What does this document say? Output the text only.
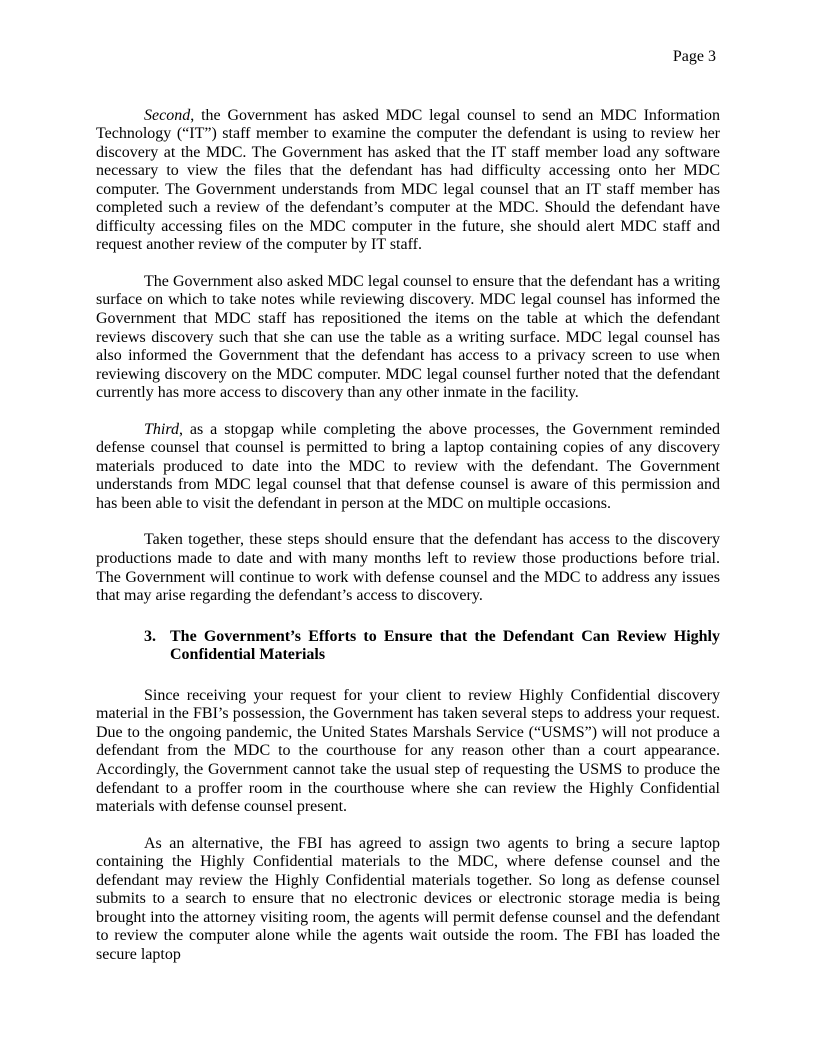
Page 3

Second, the Government has asked MDC legal counsel to send an MDC Information Technology (“IT”) staff member to examine the computer the defendant is using to review her discovery at the MDC. The Government has asked that the IT staff member load any software necessary to view the files that the defendant has had difficulty accessing onto her MDC computer. The Government understands from MDC legal counsel that an IT staff member has completed such a review of the defendant’s computer at the MDC. Should the defendant have difficulty accessing files on the MDC computer in the future, she should alert MDC staff and request another review of the computer by IT staff.

The Government also asked MDC legal counsel to ensure that the defendant has a writing surface on which to take notes while reviewing discovery. MDC legal counsel has informed the Government that MDC staff has repositioned the items on the table at which the defendant reviews discovery such that she can use the table as a writing surface. MDC legal counsel has also informed the Government that the defendant has access to a privacy screen to use when reviewing discovery on the MDC computer. MDC legal counsel further noted that the defendant currently has more access to discovery than any other inmate in the facility.

Third, as a stopgap while completing the above processes, the Government reminded defense counsel that counsel is permitted to bring a laptop containing copies of any discovery materials produced to date into the MDC to review with the defendant. The Government understands from MDC legal counsel that that defense counsel is aware of this permission and has been able to visit the defendant in person at the MDC on multiple occasions.

Taken together, these steps should ensure that the defendant has access to the discovery productions made to date and with many months left to review those productions before trial. The Government will continue to work with defense counsel and the MDC to address any issues that may arise regarding the defendant’s access to discovery.

3. The Government’s Efforts to Ensure that the Defendant Can Review Highly Confidential Materials

Since receiving your request for your client to review Highly Confidential discovery material in the FBI’s possession, the Government has taken several steps to address your request. Due to the ongoing pandemic, the United States Marshals Service (“USMS”) will not produce a defendant from the MDC to the courthouse for any reason other than a court appearance. Accordingly, the Government cannot take the usual step of requesting the USMS to produce the defendant to a proffer room in the courthouse where she can review the Highly Confidential materials with defense counsel present.

As an alternative, the FBI has agreed to assign two agents to bring a secure laptop containing the Highly Confidential materials to the MDC, where defense counsel and the defendant may review the Highly Confidential materials together. So long as defense counsel submits to a search to ensure that no electronic devices or electronic storage media is being brought into the attorney visiting room, the agents will permit defense counsel and the defendant to review the computer alone while the agents wait outside the room. The FBI has loaded the secure laptop
